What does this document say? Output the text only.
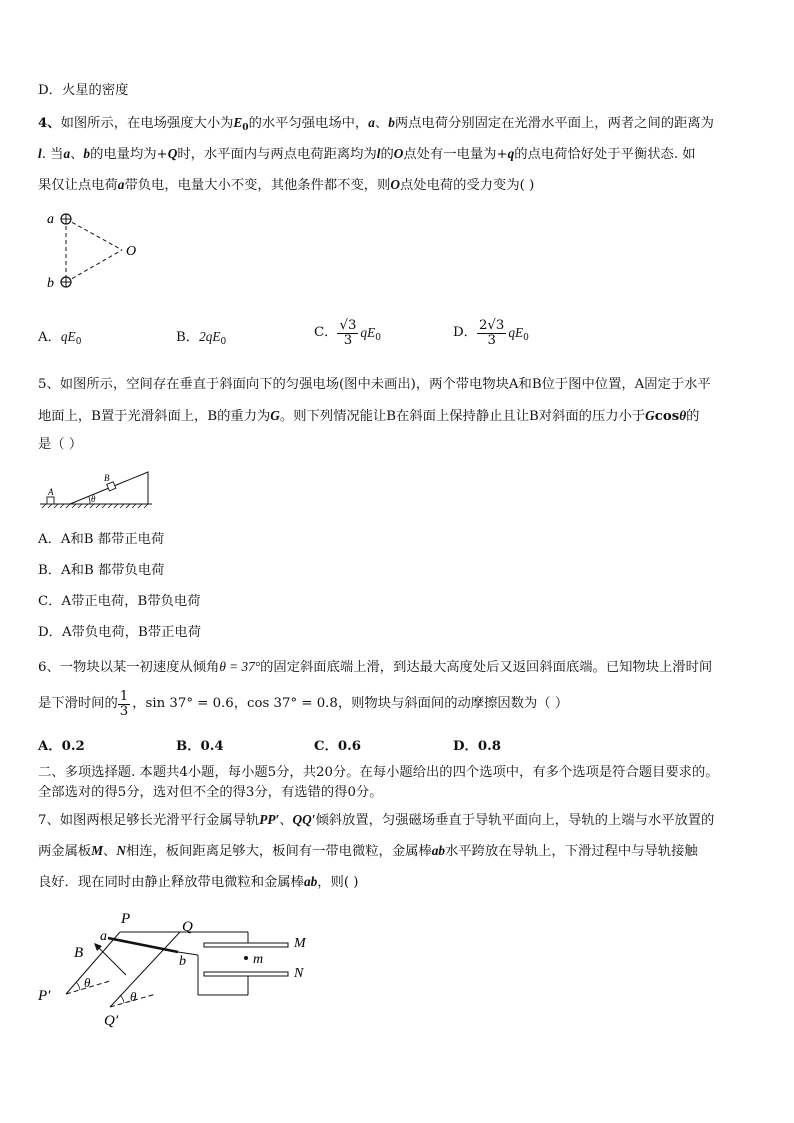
D．火星的密度
4、如图所示，在电场强度大小为$E_0$的水平匀强电场中，a、b两点电荷分别固定在光滑水平面上，两者之间的距离为
l. 当a、b的电量均为+Q时，水平面内与两点电荷距离均为l的O点处有一电量为+q的点电荷恰好处于平衡状态. 如
果仅让点电荷a带负电，电量大小不变，其他条件都不变，则O点处电荷的受力变为( )
a
b
O
A．$qE_0$	B．$2qE_0$
C． $\frac{√3}{3} qE_0$	D． $\frac{2√3}{3} qE_0$
5、如图所示，空间存在垂直于斜面向下的匀强电场(图中未画出)，两个带电物块A和B位于图中位置，A固定于水平
地面上，B置于光滑斜面上，B的重力为G。则下列情况能让B在斜面上保持静止且让B对斜面的压力小于Gcosθ的
是（ ）
A
B
θ
A．A和B 都带正电荷
B．A和B 都带负电荷
C．A带正电荷，B带负电荷
D．A带负电荷，B带正电荷
6、一物块以某一初速度从倾角θ = 37°的固定斜面底端上滑，到达最大高度处后又返回斜面底端。已知物块上滑时间
是下滑时间的 $\frac{1}{3}$ ，sin 37° = 0.6，cos 37° = 0.8，则物块与斜面间的动摩擦因数为（ ）
A．0.2	B．0.4	C．0.6	D．0.8
二、多项选择题. 本题共4小题，每小题5分，共20分。在每小题给出的四个选项中，有多个选项是符合题目要求的。
全部选对的得5分，选对但不全的得3分，有选错的得0分。
7、如图两根足够长光滑平行金属导轨PP′、QQ′倾斜放置，匀强磁场垂直于导轨平面向上，导轨的上端与水平放置的
两金属板M、N相连，板间距离足够大，板间有一带电微粒，金属棒ab水平跨放在导轨上，下滑过程中与导轨接触
良好．现在同时由静止释放带电微粒和金属棒ab，则( )
P	Q
a
b
B
P′
Q′
θ
θ
M
N
m
